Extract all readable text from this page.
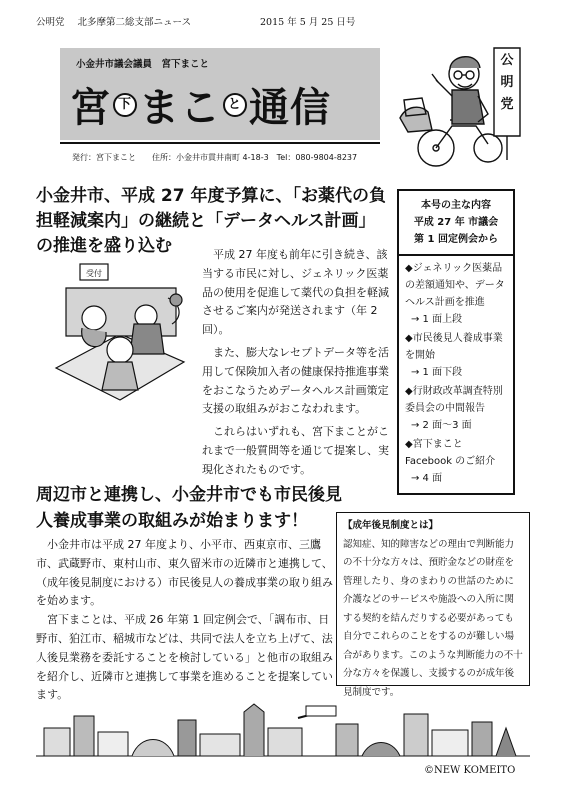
公明党 北多摩第二総支部ニュース	2015 年 5 月 25 日号
小金井市議会議員　宮下まこと
宮 下 まこ と 通信
発行：宮下まこと　　住所：小金井市貫井南町 4-18-3　Tel：080-9804-8237
公
明
党
小金井市、平成 27 年度予算に、「お薬代の負担軽減案内」の継続と「データヘルス計画」の推進を盛り込む
受付

平成 27 年度も前年に引き続き、該当する市民に対し、ジェネリック医薬品の使用を促進して薬代の負担を軽減させるご案内が発送されます（年 2 回）。

また、膨大なレセプトデータ等を活用して保険加入者の健康保持推進事業をおこなうためデータヘルス計画策定支援の取組みがおこなわれます。

これらはいずれも、宮下まことがこれまで一般質問等を通じて提案し、実現化されたものです。

本号の主な内容
平成 27 年 市議会
第 1 回定例会から
◆ジェネリック医薬品の差額通知や、データヘルス計画を推進
→ 1 面上段
◆市民後見人養成事業を開始
→ 1 面下段
◆行財政改革調査特別委員会の中間報告
→ 2 面～3 面
◆宮下まこと Facebook のご紹介
→ 4 面
周辺市と連携し、小金井市でも市民後見人養成事業の取組みが始まります！

小金井市は平成 27 年度より、小平市、西東京市、三鷹市、武蔵野市、東村山市、東久留米市の近隣市と連携して、（成年後見制度における）市民後見人の養成事業の取り組みを始めます。

宮下まことは、平成 26 年第 1 回定例会で、「調布市、日野市、狛江市、稲城市などは、共同で法人を立ち上げて、法人後見業務を委託することを検討している」と他市の取組みを紹介し、近隣市と連携して事業を進めることを提案しています。

【成年後見制度とは】
認知症、知的障害などの理由で判断能力の不十分な方々は、預貯金などの財産を管理したり、身のまわりの世話のために介護などのサービスや施設への入所に関する契約を結んだりする必要があっても自分でこれらのことをするのが難しい場合があります。このような判断能力の不十分な方々を保護し、支援するのが成年後見制度です。
©NEW KOMEITO
